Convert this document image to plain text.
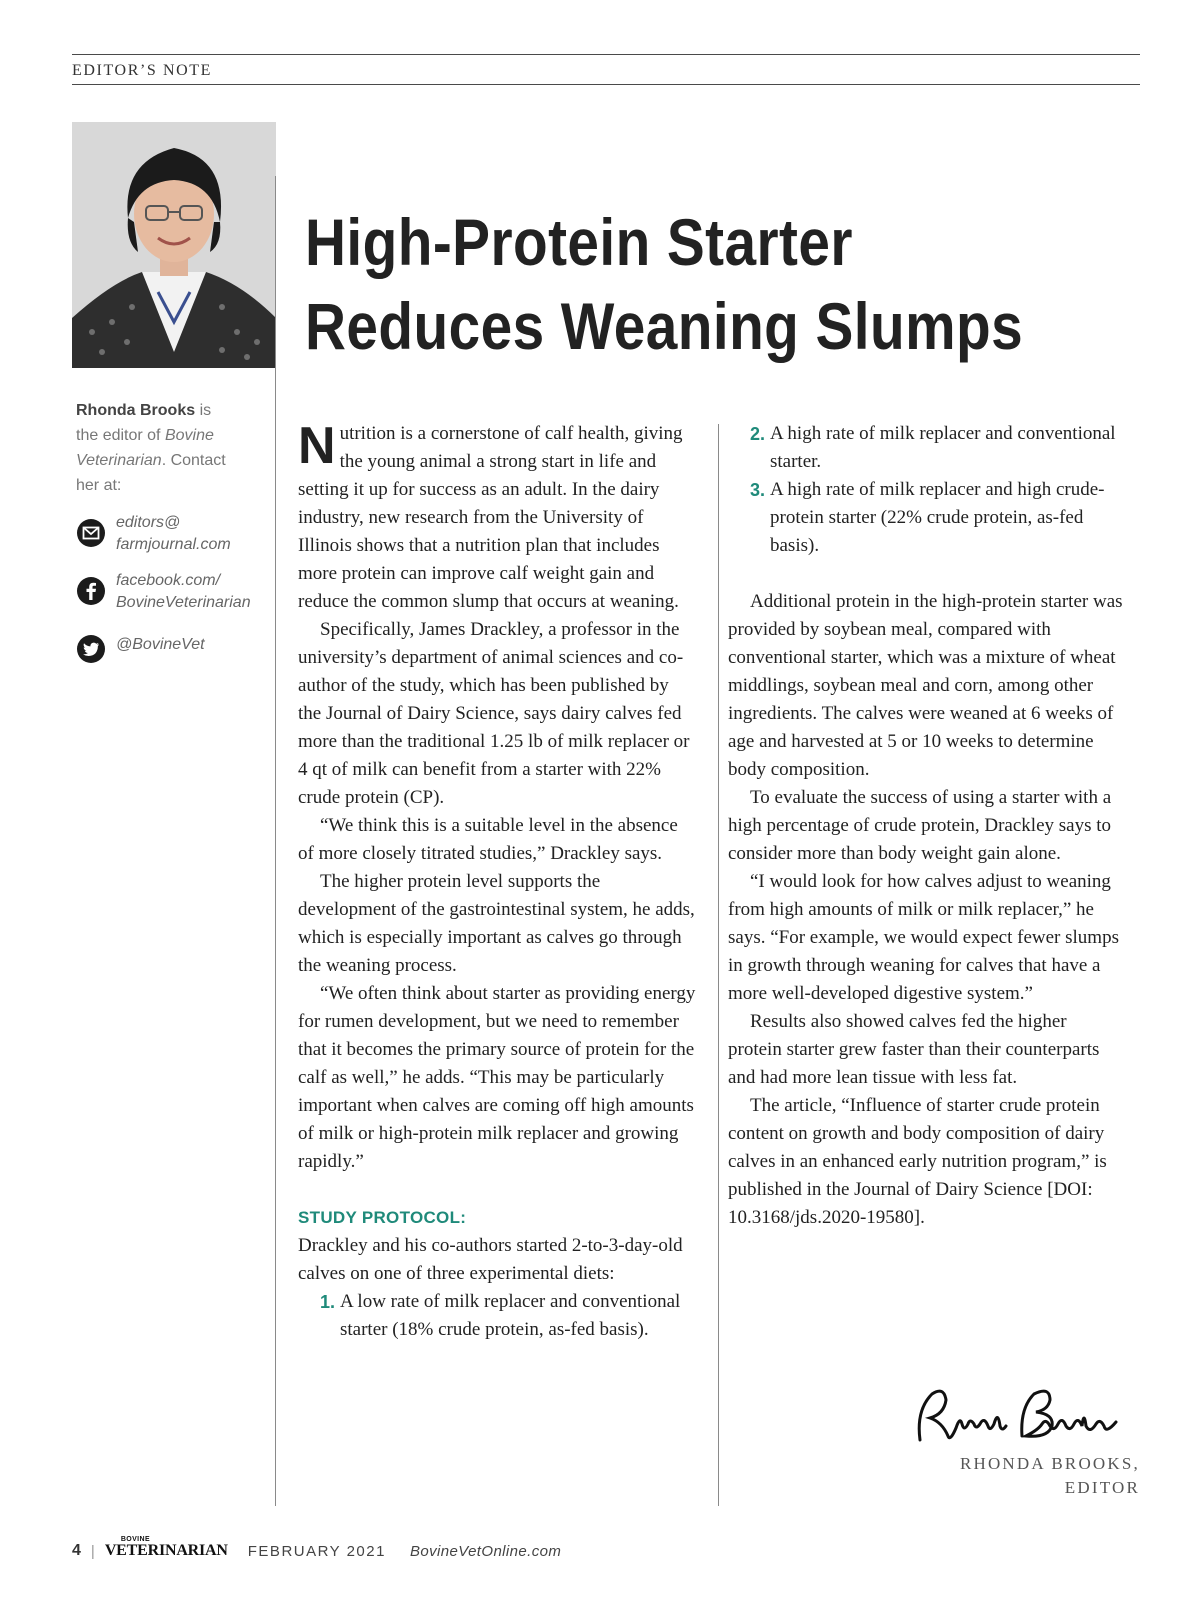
EDITOR’S NOTE
High-Protein Starter
Reduces Weaning Slumps
Rhonda Brooks is
the editor of Bovine
Veterinarian. Contact
her at:
editors@
farmjournal.com
facebook.com/
BovineVeterinarian
@BovineVet

Nutrition is a cornerstone of calf health, giving the young animal a strong start in life and setting it up for success as an adult. In the dairy industry, new research from the University of Illinois shows that a nutrition plan that includes more protein can improve calf weight gain and reduce the common slump that occurs at weaning.

Specifically, James Drackley, a professor in the university’s department of animal sciences and co-author of the study, which has been published by the Journal of Dairy Science, says dairy calves fed more than the traditional 1.25 lb of milk replacer or 4 qt of milk can benefit from a starter with 22% crude protein (CP).

“We think this is a suitable level in the absence of more closely titrated studies,” Drackley says.

The higher protein level supports the development of the gastrointestinal system, he adds, which is especially important as calves go through the weaning process.

“We often think about starter as providing energy for rumen development, but we need to remember that it becomes the primary source of protein for the calf as well,” he adds. “This may be particularly important when calves are coming off high amounts of milk or high-protein milk replacer and growing rapidly.”

STUDY PROTOCOL:

Drackley and his co-authors started 2-to-3-day-old calves on one of three experimental diets:

1. A low rate of milk replacer and conventional starter (18% crude protein, as-fed basis).
2. A high rate of milk replacer and conventional starter.
3. A high rate of milk replacer and high crude-protein starter (22% crude protein, as-fed basis).

Additional protein in the high-protein starter was provided by soybean meal, compared with conventional starter, which was a mixture of wheat middlings, soybean meal and corn, among other ingredients. The calves were weaned at 6 weeks of age and harvested at 5 or 10 weeks to determine body composition.

To evaluate the success of using a starter with a high percentage of crude protein, Drackley says to consider more than body weight gain alone.

“I would look for how calves adjust to weaning from high amounts of milk or milk replacer,” he says. “For example, we would expect fewer slumps in growth through weaning for calves that have a more well-developed digestive system.”

Results also showed calves fed the higher protein starter grew faster than their counterparts and had more lean tissue with less fat.

The article, “Influence of starter crude protein content on growth and body composition of dairy calves in an enhanced early nutrition program,” is published in the Journal of Dairy Science [DOI: 10.3168/jds.2020-19580].

RHONDA BROOKS,
EDITOR
4 |
BOVINE
VETERINARIAN FEBRUARY 2021 BovineVetOnline.com
